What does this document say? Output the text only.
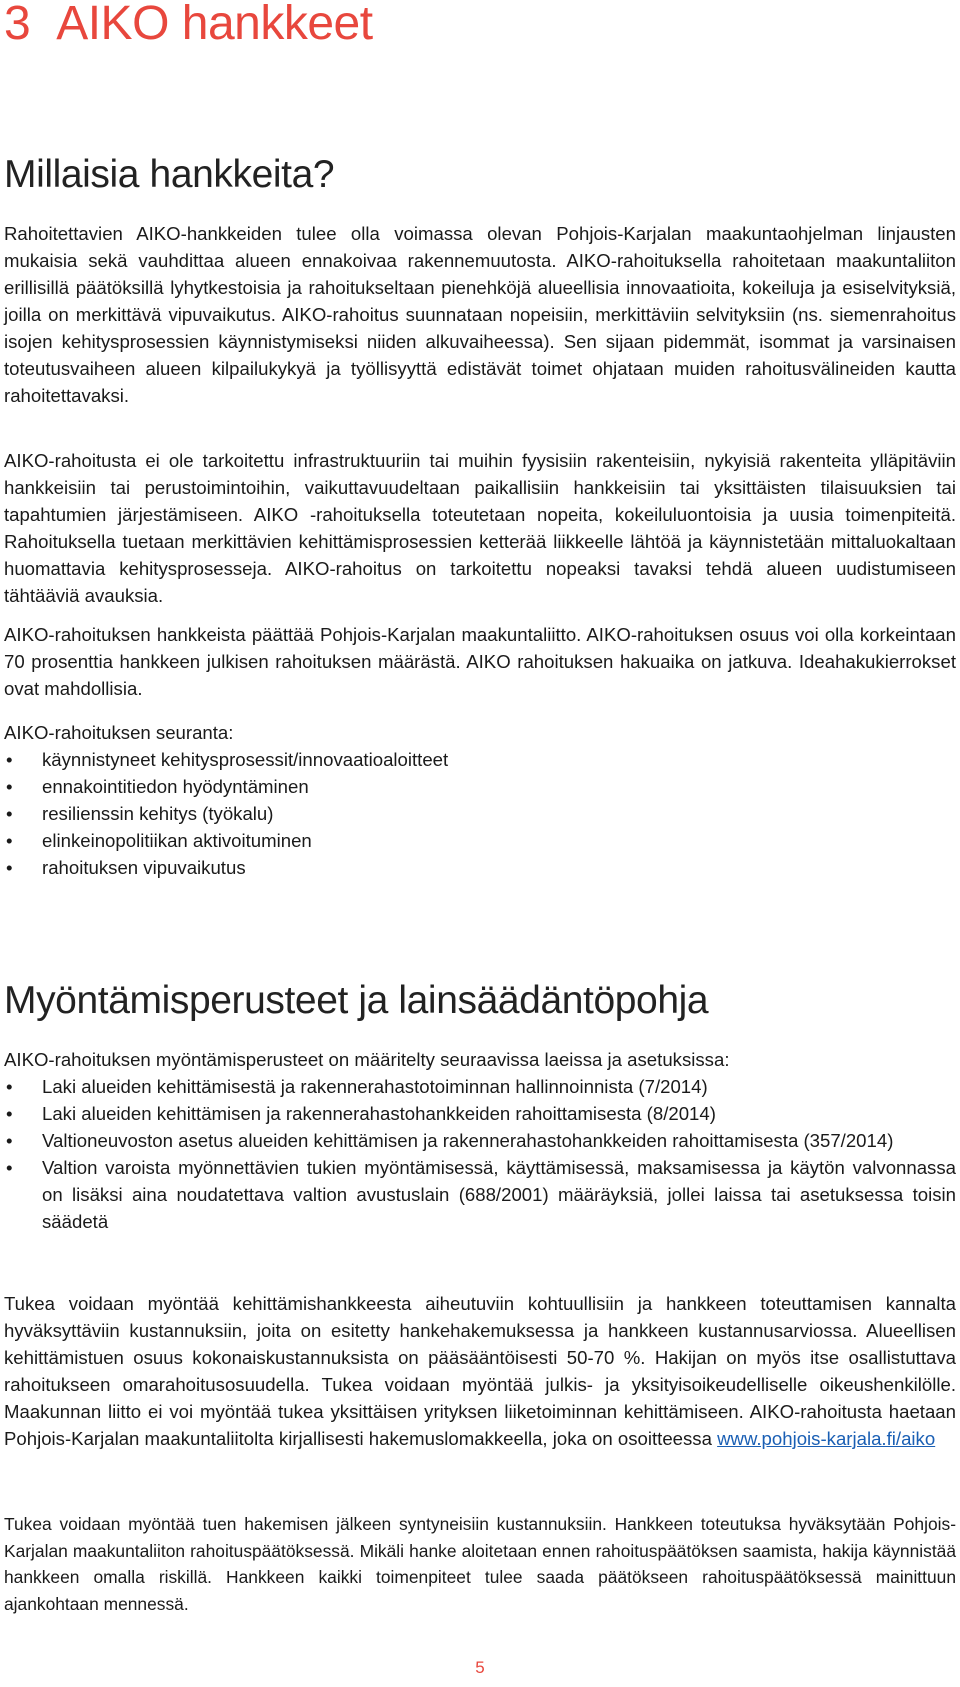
3 AIKO hankkeet
Millaisia hankkeita?

Rahoitettavien AIKO-hankkeiden tulee olla voimassa olevan Pohjois-Karjalan maakuntaohjelman linjausten mukaisia sekä vauhdittaa alueen ennakoivaa rakennemuutosta. AIKO-rahoituksella rahoitetaan maakuntaliiton erillisillä päätöksillä lyhytkestoisia ja rahoitukseltaan pienehköjä alueellisia innovaatioita, kokeiluja ja esiselvityksiä, joilla on merkittävä vipuvaikutus. AIKO-rahoitus suunnataan nopeisiin, merkittäviin selvityksiin (ns. siemenrahoitus isojen kehitysprosessien käynnistymiseksi niiden alkuvaiheessa). Sen sijaan pidemmät, isommat ja varsinaisen toteutusvaiheen alueen kilpailukykyä ja työllisyyttä edistävät toimet ohjataan muiden rahoitusvälineiden kautta rahoitettavaksi.

AIKO-rahoitusta ei ole tarkoitettu infrastruktuuriin tai muihin fyysisiin rakenteisiin, nykyisiä rakenteita ylläpitäviin hankkeisiin tai perustoimintoihin, vaikuttavuudeltaan paikallisiin hankkeisiin tai yksittäisten tilaisuuksien tai tapahtumien järjestämiseen. AIKO -rahoituksella toteutetaan nopeita, kokeiluluontoisia ja uusia toimenpiteitä. Rahoituksella tuetaan merkittävien kehittämisprosessien ketterää liikkeelle lähtöä ja käynnistetään mittaluokaltaan huomattavia kehitysprosesseja. AIKO-rahoitus on tarkoitettu nopeaksi tavaksi tehdä alueen uudistumiseen tähtääviä avauksia.

AIKO-rahoituksen hankkeista päättää Pohjois-Karjalan maakuntaliitto. AIKO-rahoituksen osuus voi olla korkeintaan 70 prosenttia hankkeen julkisen rahoituksen määrästä. AIKO rahoituksen hakuaika on jatkuva. Ideahakukierrokset ovat mahdollisia.

AIKO-rahoituksen seuranta:

• käynnistyneet kehitysprosessit/innovaatioaloitteet
• ennakointitiedon hyödyntäminen
• resilienssin kehitys (työkalu)
• elinkeinopolitiikan aktivoituminen
• rahoituksen vipuvaikutus
Myöntämisperusteet ja lainsäädäntöpohja

AIKO-rahoituksen myöntämisperusteet on määritelty seuraavissa laeissa ja asetuksissa:

• Laki alueiden kehittämisestä ja rakennerahastotoiminnan hallinnoinnista (7/2014)
• Laki alueiden kehittämisen ja rakennerahastohankkeiden rahoittamisesta (8/2014)
• Valtioneuvoston asetus alueiden kehittämisen ja rakennerahastohankkeiden rahoittamisesta (357/2014)
• Valtion varoista myönnettävien tukien myöntämisessä, käyttämisessä, maksamisessa ja käytön valvonnassa on lisäksi aina noudatettava valtion avustuslain (688/2001) määräyksiä, jollei laissa tai asetuksessa toisin säädetä

Tukea voidaan myöntää kehittämishankkeesta aiheutuviin kohtuullisiin ja hankkeen toteuttamisen kannalta hyväksyttäviin kustannuksiin, joita on esitetty hankehakemuksessa ja hankkeen kustannusarviossa. Alueellisen kehittämistuen osuus kokonaiskustannuksista on pääsääntöisesti 50-70 %. Hakijan on myös itse osallistuttava rahoitukseen omarahoitusosuudella. Tukea voidaan myöntää julkis- ja yksityisoikeudelliselle oikeushenkilölle. Maakunnan liitto ei voi myöntää tukea yksittäisen yrityksen liiketoiminnan kehittämiseen. AIKO-rahoitusta haetaan Pohjois-Karjalan maakuntaliitolta kirjallisesti hakemuslomakkeella, joka on osoitteessa www.pohjois-karjala.fi/aiko

Tukea voidaan myöntää tuen hakemisen jälkeen syntyneisiin kustannuksiin. Hankkeen toteutuksa hyväksytään Pohjois-Karjalan maakuntaliiton rahoituspäätöksessä. Mikäli hanke aloitetaan ennen rahoituspäätöksen saamista, hakija käynnistää hankkeen omalla riskillä. Hankkeen kaikki toimenpiteet tulee saada päätökseen rahoituspäätöksessä mainittuun ajankohtaan mennessä.

5
